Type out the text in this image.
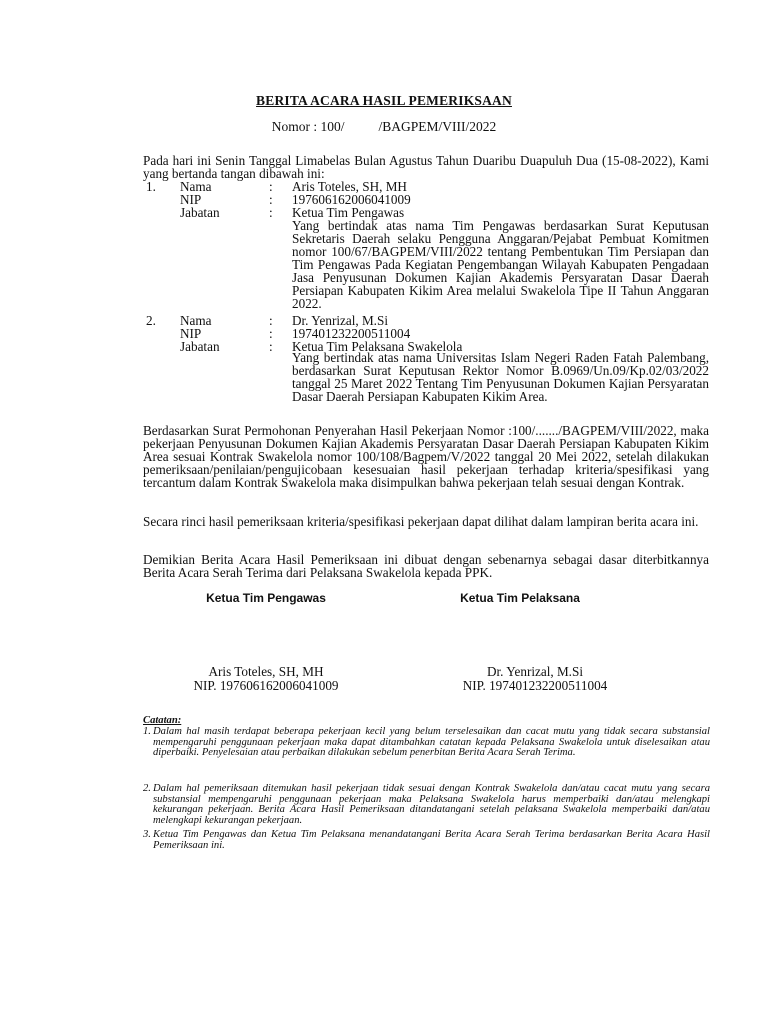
BERITA ACARA HASIL PEMERIKSAAN
Nomor : 100/	/BAGPEM/VIII/2022
Pada hari ini Senin Tanggal Limabelas Bulan Agustus Tahun Duaribu Duapuluh Dua (15-08-2022), Kami yang bertanda tangan dibawah ini:
1. Nama	: Aris Toteles, SH, MH
NIP	: 197606162006041009
Jabatan	: Ketua Tim Pengawas
Yang bertindak atas nama Tim Pengawas berdasarkan Surat Keputusan Sekretaris Daerah selaku Pengguna Anggaran/Pejabat Pembuat Komitmen nomor 100/67/BAGPEM/VIII/2022 tentang Pembentukan Tim Persiapan dan Tim Pengawas Pada Kegiatan Pengembangan Wilayah Kabupaten Pengadaan Jasa Penyusunan Dokumen Kajian Akademis Persyaratan Dasar Daerah Persiapan Kabupaten Kikim Area melalui Swakelola Tipe II Tahun Anggaran 2022.
2. Nama	: Dr. Yenrizal, M.Si
NIP	: 197401232200511004
Jabatan	: Ketua Tim Pelaksana Swakelola
Yang bertindak atas nama Universitas Islam Negeri Raden Fatah Palembang, berdasarkan Surat Keputusan Rektor Nomor B.0969/Un.09/Kp.02/03/2022 tanggal 25 Maret 2022 Tentang Tim Penyusunan Dokumen Kajian Persyaratan Dasar Daerah Persiapan Kabupaten Kikim Area.
Berdasarkan Surat Permohonan Penyerahan Hasil Pekerjaan Nomor :100/......./BAGPEM/VIII/2022, maka pekerjaan Penyusunan Dokumen Kajian Akademis Persyaratan Dasar Daerah Persiapan Kabupaten Kikim Area sesuai Kontrak Swakelola nomor 100/108/Bagpem/V/2022 tanggal 20 Mei 2022, setelah dilakukan pemeriksaan/penilaian/pengujicobaan kesesuaian hasil pekerjaan terhadap kriteria/spesifikasi yang tercantum dalam Kontrak Swakelola maka disimpulkan bahwa pekerjaan telah sesuai dengan Kontrak.
Secara rinci hasil pemeriksaan kriteria/spesifikasi pekerjaan dapat dilihat dalam lampiran berita acara ini.
Demikian Berita Acara Hasil Pemeriksaan ini dibuat dengan sebenarnya sebagai dasar diterbitkannya Berita Acara Serah Terima dari Pelaksana Swakelola kepada PPK.
Ketua Tim Pengawas	Ketua Tim Pelaksana
Aris Toteles, SH, MH
NIP. 197606162006041009
Dr. Yenrizal, M.Si
NIP. 197401232200511004
Catatan:
1. Dalam hal masih terdapat beberapa pekerjaan kecil yang belum terselesaikan dan cacat mutu yang tidak secara substansial mempengaruhi penggunaan pekerjaan maka dapat ditambahkan catatan kepada Pelaksana Swakelola untuk diselesaikan atau diperbaiki. Penyelesaian atau perbaikan dilakukan sebelum penerbitan Berita Acara Serah Terima.
2. Dalam hal pemeriksaan ditemukan hasil pekerjaan tidak sesuai dengan Kontrak Swakelola dan/atau cacat mutu yang secara substansial mempengaruhi penggunaan pekerjaan maka Pelaksana Swakelola harus memperbaiki dan/atau melengkapi kekurangan pekerjaan. Berita Acara Hasil Pemeriksaan ditandatangani setelah pelaksana Swakelola memperbaiki dan/atau melengkapi kekurangan pekerjaan.
3. Ketua Tim Pengawas dan Ketua Tim Pelaksana menandatangani Berita Acara Serah Terima berdasarkan Berita Acara Hasil Pemeriksaan ini.
